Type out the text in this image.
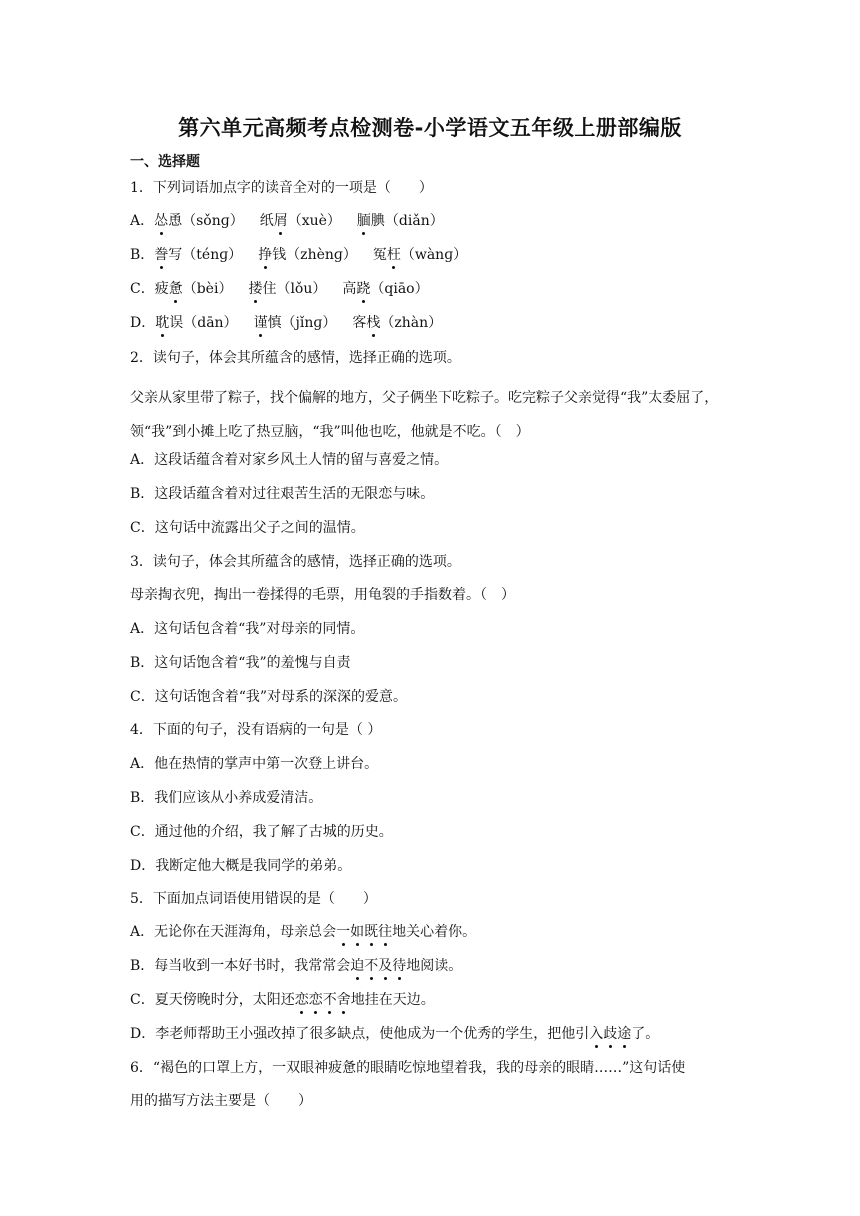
第六单元高频考点检测卷-小学语文五年级上册部编版
一、选择题
1．下列词语加点字的读音全对的一项是（　　）
A．怂恿（sǒnɡ） 纸屑（xuè） 腼腆（diǎn）
B．誊写（ténɡ） 挣钱（zhènɡ） 冤枉（wànɡ）
C．疲惫（bèi） 搂住（lǒu） 高跷（qiāo）
D．耽误（dān） 谨慎（jǐnɡ） 客栈（zhàn）
2．读句子，体会其所蕴含的感情，选择正确的选项。
父亲从家里带了粽子，找个偏解的地方，父子俩坐下吃粽子。吃完粽子父亲觉得“我”太委屈了，领“我”到小摊上吃了热豆脑，“我”叫他也吃，他就是不吃。（　）
A．这段话蕴含着对家乡风土人情的留与喜爱之情。
B．这段话蕴含着对过往艰苦生活的无限恋与味。
C．这句话中流露出父子之间的温情。
3．读句子，体会其所蕴含的感情，选择正确的选项。
母亲掏衣兜，掏出一卷揉得的毛票，用龟裂的手指数着。（　）
A．这句话包含着“我”对母亲的同情。
B．这句话饱含着“我”的羞愧与自责
C．这句话饱含着“我”对母系的深深的爱意。
4．下面的句子，没有语病的一句是（ ）
A．他在热情的掌声中第一次登上讲台。
B．我们应该从小养成爱清洁。
C．通过他的介绍，我了解了古城的历史。
D．我断定他大概是我同学的弟弟。
5．下面加点词语使用错误的是（　　）
A．无论你在天涯海角，母亲总会一如既往地关心着你。
B．每当收到一本好书时，我常常会迫不及待地阅读。
C．夏天傍晚时分，太阳还恋恋不舍地挂在天边。
D．李老师帮助王小强改掉了很多缺点，使他成为一个优秀的学生，把他引入歧途了。
6．“褐色的口罩上方，一双眼神疲惫的眼睛吃惊地望着我，我的母亲的眼睛……”这句话使
用的描写方法主要是（　　）
